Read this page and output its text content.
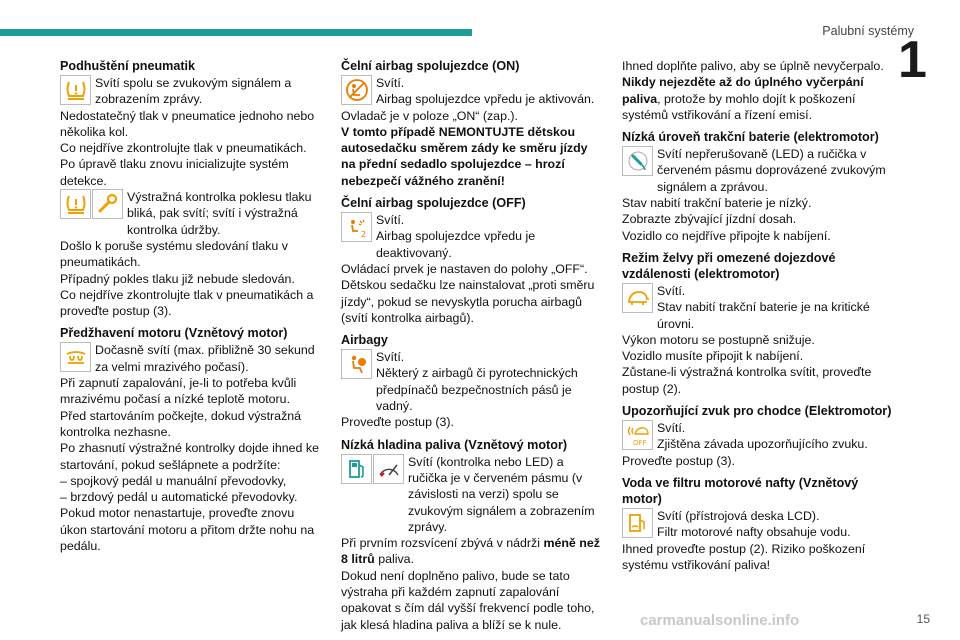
Palubní systémy
1
Podhuštění pneumatik
Svítí spolu se zvukovým signálem a zobrazením zprávy.

Nedostatečný tlak v pneumatice jednoho nebo několika kol.

Co nejdříve zkontrolujte tlak v pneumatikách.

Po úpravě tlaku znovu inicializujte systém detekce.

Výstražná kontrolka poklesu tlaku bliká, pak svítí; svítí i výstražná kontrolka údržby.

Došlo k poruše systému sledování tlaku v pneumatikách.

Případný pokles tlaku již nebude sledován.

Co nejdříve zkontrolujte tlak v pneumatikách a proveďte postup (3).

Předžhavení motoru (Vznětový motor)
Dočasně svítí (max. přibližně 30 sekund za velmi mrazivého počasí).

Při zapnutí zapalování, je-li to potřeba kvůli mrazivému počasí a nízké teplotě motoru.

Před startováním počkejte, dokud výstražná kontrolka nezhasne.

Po zhasnutí výstražné kontrolky dojde ihned ke startování, pokud sešlápnete a podržíte:

– spojkový pedál u manuální převodovky,

– brzdový pedál u automatické převodovky.

Pokud motor nenastartuje, proveďte znovu úkon startování motoru a přitom držte nohu na pedálu.

Čelní airbag spolujezdce (ON)
Svítí.
Airbag spolujezdce vpředu je aktivován.

Ovladač je v poloze „ON“ (zap.).

V tomto případě NEMONTUJTE dětskou autosedačku směrem zády ke směru jízdy na přední sedadlo spolujezdce – hrozí nebezpečí vážného zranění!

Čelní airbag spolujezdce (OFF)
2
Svítí.
Airbag spolujezdce vpředu je deaktivovaný.

Ovládací prvek je nastaven do polohy „OFF“.

Dětskou sedačku lze nainstalovat „proti směru jízdy“, pokud se nevyskytla porucha airbagů (svítí kontrolka airbagů).

Airbagy
Svítí.
Některý z airbagů či pyrotechnických předpínačů bezpečnostních pásů je vadný.

Proveďte postup (3).

Nízká hladina paliva (Vznětový motor)
Svítí (kontrolka nebo LED) a ručička je v červeném pásmu (v závislosti na verzi) spolu se zvukovým signálem a zobrazením zprávy.

Při prvním rozsvícení zbývá v nádrži méně než 8 litrů paliva.

Dokud není doplněno palivo, bude se tato výstraha při každém zapnutí zapalování opakovat s čím dál vyšší frekvencí podle toho, jak klesá hladina paliva a blíží se k nule.

Ihned doplňte palivo, aby se úplně nevyčerpalo.

Nikdy nejezděte až do úplného vyčerpání paliva, protože by mohlo dojít k poškození systémů vstřikování a řízení emisí.

Nízká úroveň trakční baterie (elektromotor)
Svítí nepřerušovaně (LED) a ručička v červeném pásmu doprovázené zvukovým signálem a zprávou.

Stav nabití trakční baterie je nízký.

Zobrazte zbývající jízdní dosah.

Vozidlo co nejdříve připojte k nabíjení.

Režim želvy při omezené dojezdové vzdálenosti (elektromotor)
Svítí.
Stav nabití trakční baterie je na kritické úrovni.

Výkon motoru se postupně snižuje.

Vozidlo musíte připojit k nabíjení.

Zůstane-li výstražná kontrolka svítit, proveďte postup (2).

Upozorňující zvuk pro chodce (Elektromotor)
OFF
Svítí.
Zjištěna závada upozorňujícího zvuku.

Proveďte postup (3).

Voda ve filtru motorové nafty (Vznětový motor)
Svítí (přístrojová deska LCD).
Filtr motorové nafty obsahuje vodu.

Ihned proveďte postup (2). Riziko poškození systému vstřikování paliva!

carmanualsonline.info	15
